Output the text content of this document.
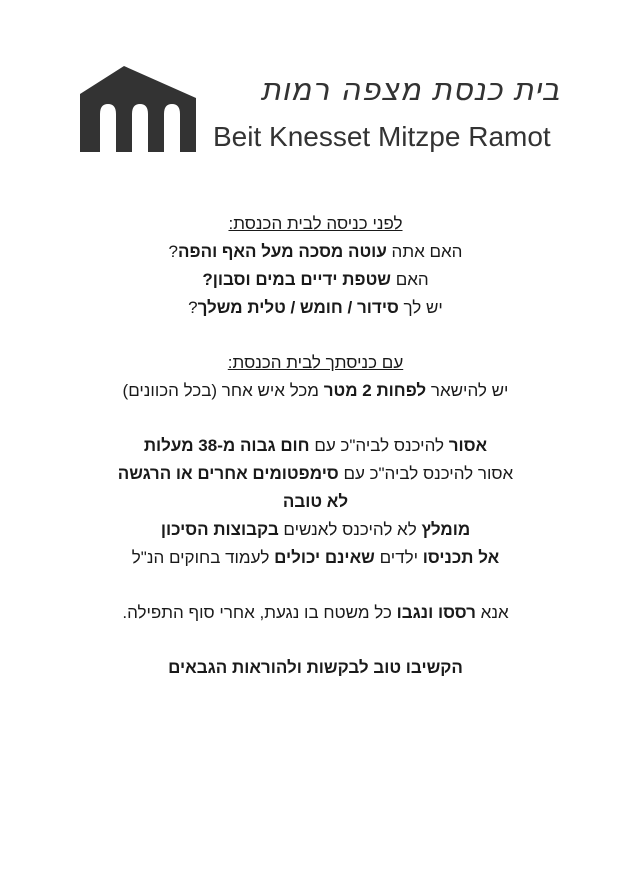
בית כנסת מצפה רמות
Beit Knesset Mitzpe Ramot
לפני כניסה לבית הכנסת:
האם אתה עוטה מסכה מעל האף והפה?
האם שטפת ידיים במים וסבון?
יש לך סידור / חומש / טלית משלך?
עם כניסתך לבית הכנסת:
יש להישאר לפחות 2 מטר מכל איש אחר (בכל הכוונים)
אסור להיכנס לביה"כ עם חום גבוה מ-38 מעלות
אסור להיכנס לביה"כ עם סימפטומים אחרים או הרגשה
לא טובה
מומלץ לא להיכנס לאנשים בקבוצות הסיכון
אל תכניסו ילדים שאינם יכולים לעמוד בחוקים הנ"ל
אנא רססו ונגבו כל משטח בו נגעת, אחרי סוף התפילה.
הקשיבו טוב לבקשות ולהוראות הגבאים
